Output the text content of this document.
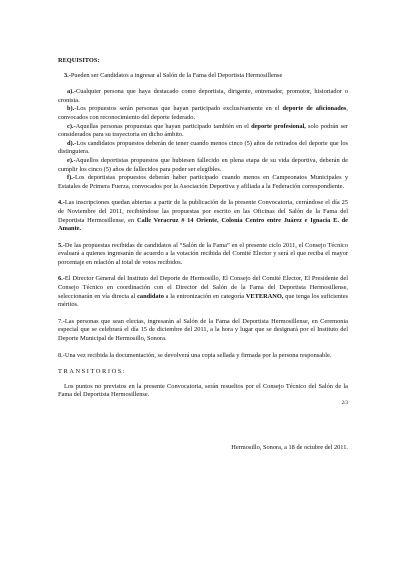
REQUISITOS:

3.-Pueden ser Candidatos a ingresar al Salón de la Fama del Deportista Hermosillense

a).-Cualquier persona que haya destacado como deportista, dirigente, entrenador, promotor, historiador o cronista.

b).-Los propuestos serán personas que hayan participado exclusivamente en el deporte de aficionados, convocados con reconocimiento del deporte federado.

c).-Aquellas personas propuestas que hayan participado también en el deporte profesional, solo podrán ser considerados para su trayectoria en dicho ámbito.

d).-Los candidatos propuestos deberán de tener cuando menos cinco (5) años de retirados del deporte que los distinguiera.

e).-Aquellos deportistas propuestos que hubiesen fallecido en plena etapa de su vida deportiva, deberán de cumplir los cinco (5) años de fallecidos para poder ser elegibles.

f).-Los deportistas propuestos deberán haber participado cuando menos en Campeonatos Municipales y Estatales de Primera Fuerza, convocados por la Asociación Deportiva y afiliada a la Federación correspondiente.

4.-Las inscripciones quedan abiertas a partir de la publicación de la presente Convocatoria, cerrándose el día 25 de Noviembre del 2011, recibiéndose las propuestas por escrito en las Oficinas del Salón de la Fama del Deportista Hermosillense, en Calle Veracruz # 14 Oriente, Colonia Centro entre Juárez e Ignacia E. de Amante.

5.-De las propuestas recibidas de candidatos al “Salón de la Fama” en el presente ciclo 2011, el Consejo Técnico evaluará a quienes ingresarán de acuerdo a la votación recibida del Comité Elector y será el que reciba el mayor porcentaje en relación al total de votos recibidos.

6.-El Director General del Instituto del Deporte de Hermosillo, El Consejo del Comité Elector, El Presidente del Consejo Técnico en coordinación con el Director del Salón de la Fama del Deportista Hermosillense, seleccionarán en vía directa al candidato a la entronización en categoría VETERANO, que tenga los suficientes méritos.

7.-Las personas que sean electas, ingresarán al Salón de la Fama del Deportista Hermosillense, en Ceremonia especial que se celebrará el día 15 de diciembre del 2011, a la hora y lugar que se designará por el Instituto del Deporte Municipal de Hermosillo, Sonora.

8.-Una vez recibida la documentación, se devolverá una copia sellada y firmada por la persona responsable.

TRANSITORIOS:

Los puntos no previstos en la presente Convocatoria, serán resueltos por el Consejo Técnico del Salón de la Fama del Deportista Hermosillense.

2/3

Hermosillo, Sonora, a 18 de octubre del 2011.
